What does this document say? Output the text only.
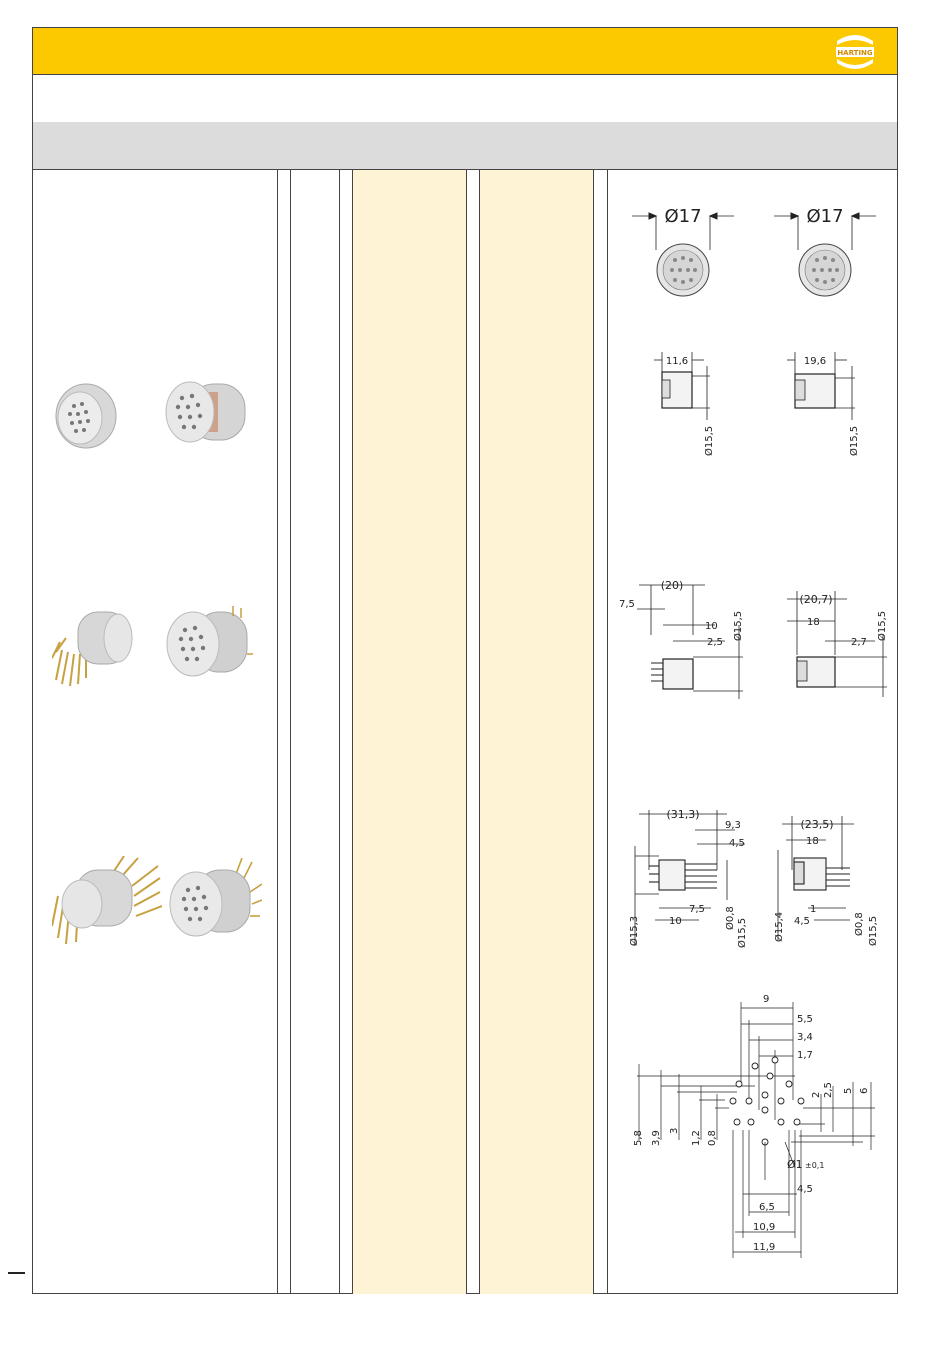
HARTING
Ø17	Ø17
11,6
Ø15,5
19,6
Ø15,5
(20)
7,5
10
2,5
Ø15,5
(20,7)
18
2,7
Ø15,5
(31,3)
9,3
4,5
Ø15,3
7,5
10	Ø0,8 Ø15,5
(23,5)
18
Ø15,4
1
4,5	Ø0,8 Ø15,5
9
5,5
3,4
1,7
2 2,5 5 6
5,8 3,9 3 1,2 0,8
Ø1 ±0,1
4,5
6,5
10,9
11,9
